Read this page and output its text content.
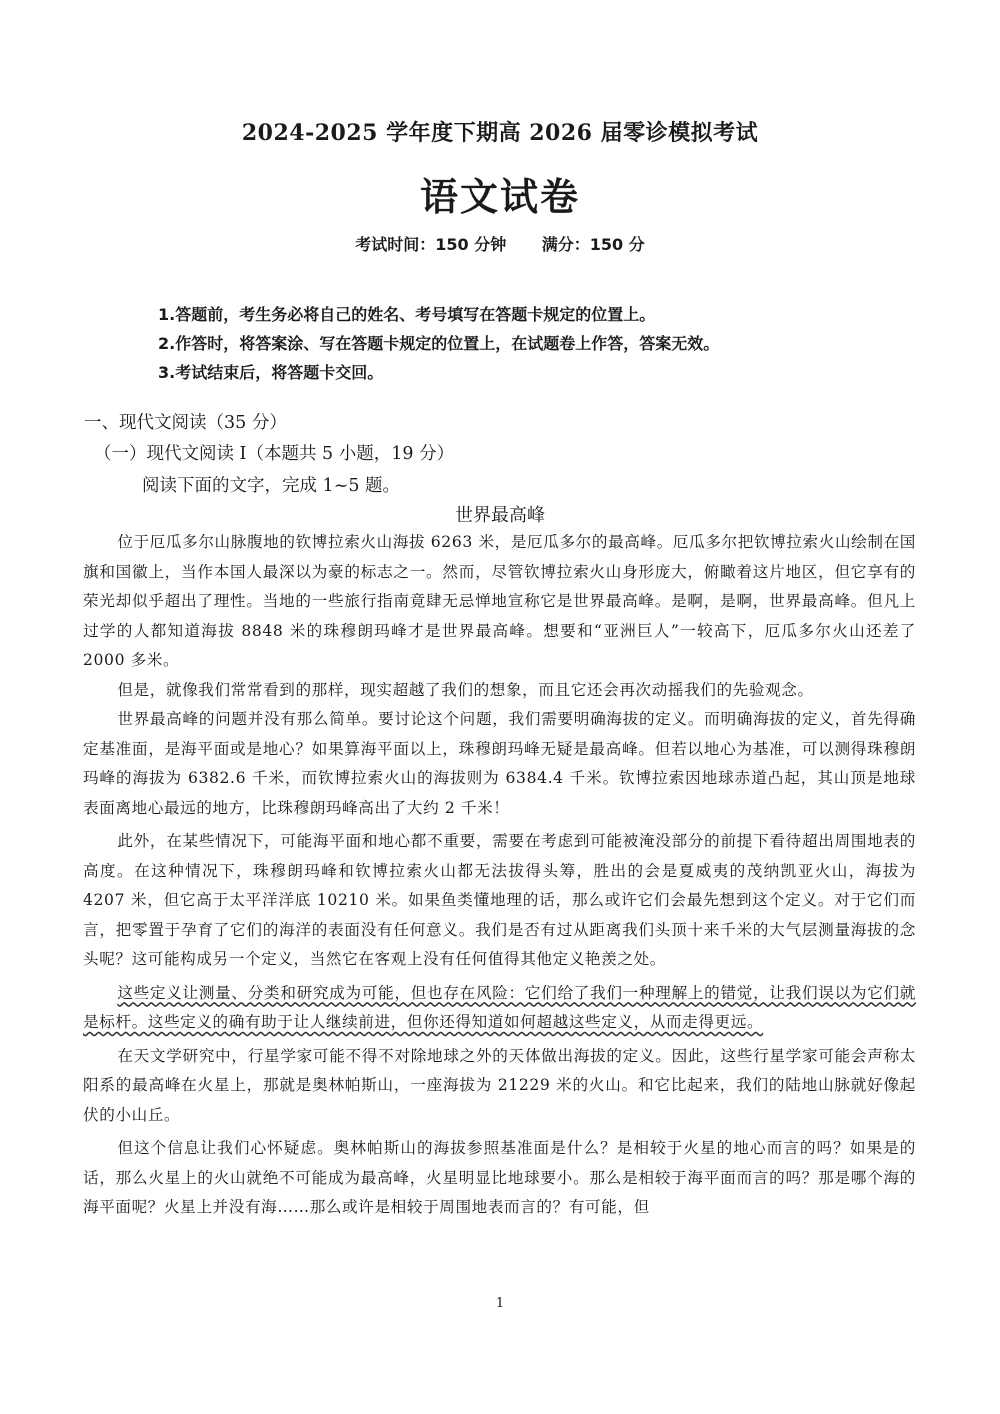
2024-2025 学年度下期高 2026 届零诊模拟考试
语文试卷
考试时间：150 分钟 满分：150 分
1.答题前，考生务必将自己的姓名、考号填写在答题卡规定的位置上。
2.作答时，将答案涂、写在答题卡规定的位置上，在试题卷上作答，答案无效。
3.考试结束后，将答题卡交回。
一、现代文阅读（35 分）
（一）现代文阅读 I（本题共 5 小题，19 分）
阅读下面的文字，完成 1~5 题。
世界最高峰

位于厄瓜多尔山脉腹地的钦博拉索火山海拔 6263 米，是厄瓜多尔的最高峰。厄瓜多尔把钦博拉索火山绘制在国旗和国徽上，当作本国人最深以为豪的标志之一。然而，尽管钦博拉索火山身形庞大，俯瞰着这片地区，但它享有的荣光却似乎超出了理性。当地的一些旅行指南竟肆无忌惮地宣称它是世界最高峰。是啊，是啊，世界最高峰。但凡上过学的人都知道海拔 8848 米的珠穆朗玛峰才是世界最高峰。想要和“亚洲巨人”一较高下，厄瓜多尔火山还差了 2000 多米。

但是，就像我们常常看到的那样，现实超越了我们的想象，而且它还会再次动摇我们的先验观念。

世界最高峰的问题并没有那么简单。要讨论这个问题，我们需要明确海拔的定义。而明确海拔的定义，首先得确定基准面，是海平面或是地心？如果算海平面以上，珠穆朗玛峰无疑是最高峰。但若以地心为基准，可以测得珠穆朗玛峰的海拔为 6382.6 千米，而钦博拉索火山的海拔则为 6384.4 千米。钦博拉索因地球赤道凸起，其山顶是地球表面离地心最远的地方，比珠穆朗玛峰高出了大约 2 千米！

此外，在某些情况下，可能海平面和地心都不重要，需要在考虑到可能被淹没部分的前提下看待超出周围地表的高度。在这种情况下，珠穆朗玛峰和钦博拉索火山都无法拔得头筹，胜出的会是夏威夷的茂纳凯亚火山，海拔为 4207 米，但它高于太平洋洋底 10210 米。如果鱼类懂地理的话，那么或许它们会最先想到这个定义。对于它们而言，把零置于孕育了它们的海洋的表面没有任何意义。我们是否有过从距离我们头顶十来千米的大气层测量海拔的念头呢？这可能构成另一个定义，当然它在客观上没有任何值得其他定义艳羡之处。

这些定义让测量、分类和研究成为可能，但也存在风险：它们给了我们一种理解上的错觉，让我们误以为它们就是标杆。这些定义的确有助于让人继续前进，但你还得知道如何超越这些定义，从而走得更远。

在天文学研究中，行星学家可能不得不对除地球之外的天体做出海拔的定义。因此，这些行星学家可能会声称太阳系的最高峰在火星上，那就是奥林帕斯山，一座海拔为 21229 米的火山。和它比起来，我们的陆地山脉就好像起伏的小山丘。

但这个信息让我们心怀疑虑。奥林帕斯山的海拔参照基准面是什么？是相较于火星的地心而言的吗？如果是的话，那么火星上的火山就绝不可能成为最高峰，火星明显比地球要小。那么是相较于海平面而言的吗？那是哪个海的海平面呢？火星上并没有海……那么或许是相较于周围地表而言的？有可能，但

1
